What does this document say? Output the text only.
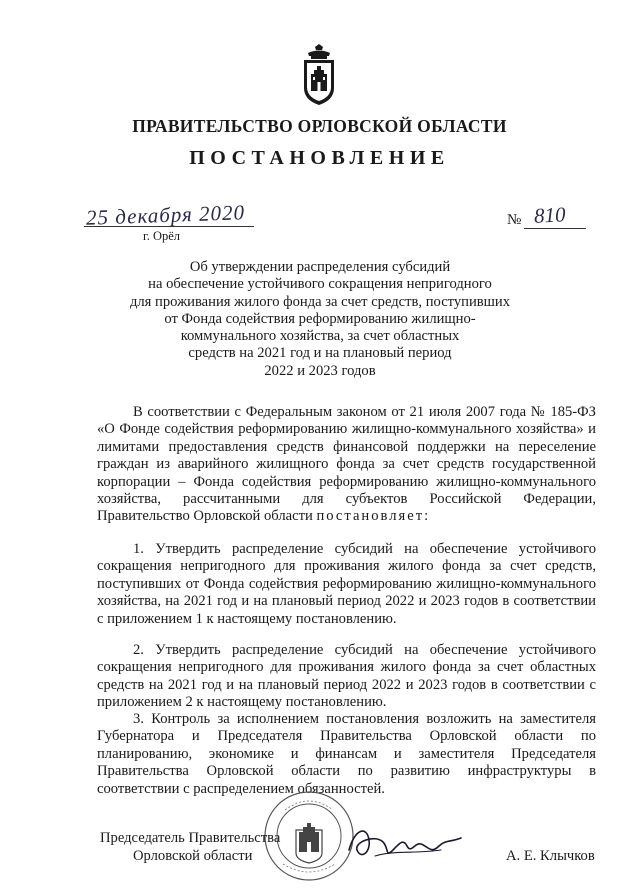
ПРАВИТЕЛЬСТВО ОРЛОВСКОЙ ОБЛАСТИ
ПОСТАНОВЛЕНИЕ
25 декабря 2020
г. Орёл
№ 810
Об утверждении распределения субсидий
на обеспечение устойчивого сокращения непригодного
для проживания жилого фонда за счет средств, поступивших
от Фонда содействия реформированию жилищно-
коммунального хозяйства, за счет областных
средств на 2021 год и на плановый период
2022 и 2023 годов

В соответствии с Федеральным законом от 21 июля 2007 года № 185-ФЗ «О Фонде содействия реформированию жилищно-коммунального хозяйства» и лимитами предоставления средств финансовой поддержки на переселение граждан из аварийного жилищного фонда за счет средств государственной корпорации – Фонда содействия реформированию жилищно-коммунального хозяйства, рассчитанными для субъектов Российской Федерации, Правительство Орловской области постановляет:

1. Утвердить распределение субсидий на обеспечение устойчивого сокращения непригодного для проживания жилого фонда за счет средств, поступивших от Фонда содействия реформированию жилищно-коммунального хозяйства, на 2021 год и на плановый период 2022 и 2023 годов в соответствии с приложением 1 к настоящему постановлению.

2. Утвердить распределение субсидий на обеспечение устойчивого сокращения непригодного для проживания жилого фонда за счет областных средств на 2021 год и на плановый период 2022 и 2023 годов в соответствии с приложением 2 к настоящему постановлению.

3. Контроль за исполнением постановления возложить на заместителя Губернатора и Председателя Правительства Орловской области по планированию, экономике и финансам и заместителя Председателя Правительства Орловской области по развитию инфраструктуры в соответствии с распределением обязанностей.

Председатель Правительства
Орловской области	А. Е. Клычков
